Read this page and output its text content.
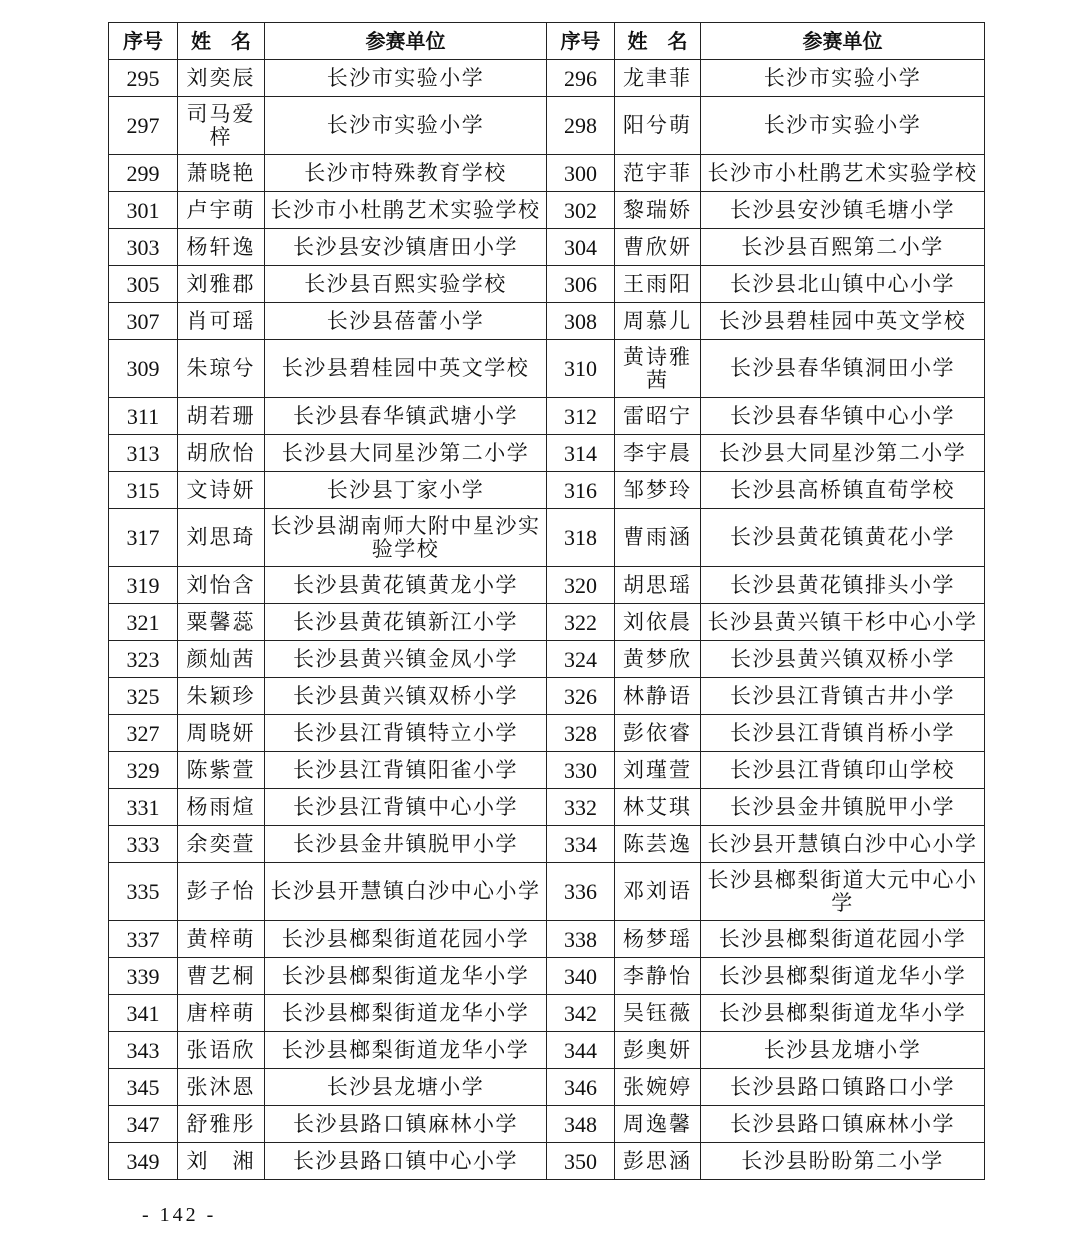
序号	姓　名	参赛单位	序号	姓　名	参赛单位
295	刘奕辰	长沙市实验小学	296	龙聿菲	长沙市实验小学
297	司马爱梓	长沙市实验小学	298	阳兮萌	长沙市实验小学
299	萧晓艳	长沙市特殊教育学校	300	范宇菲	长沙市小杜鹃艺术实验学校
301	卢宇萌	长沙市小杜鹃艺术实验学校	302	黎瑞娇	长沙县安沙镇毛塘小学
303	杨轩逸	长沙县安沙镇唐田小学	304	曹欣妍	长沙县百熙第二小学
305	刘雅郡	长沙县百熙实验学校	306	王雨阳	长沙县北山镇中心小学
307	肖可瑶	长沙县蓓蕾小学	308	周慕儿	长沙县碧桂园中英文学校
309	朱琼兮	长沙县碧桂园中英文学校	310	黄诗雅茜	长沙县春华镇洞田小学
311	胡若珊	长沙县春华镇武塘小学	312	雷昭宁	长沙县春华镇中心小学
313	胡欣怡	长沙县大同星沙第二小学	314	李宇晨	长沙县大同星沙第二小学
315	文诗妍	长沙县丁家小学	316	邹梦玲	长沙县高桥镇直荀学校
317	刘思琦	长沙县湖南师大附中星沙实验学校	318	曹雨涵	长沙县黄花镇黄花小学
319	刘怡含	长沙县黄花镇黄龙小学	320	胡思瑶	长沙县黄花镇排头小学
321	粟馨蕊	长沙县黄花镇新江小学	322	刘依晨	长沙县黄兴镇干杉中心小学
323	颜灿茜	长沙县黄兴镇金凤小学	324	黄梦欣	长沙县黄兴镇双桥小学
325	朱颖珍	长沙县黄兴镇双桥小学	326	林静语	长沙县江背镇古井小学
327	周晓妍	长沙县江背镇特立小学	328	彭依睿	长沙县江背镇肖桥小学
329	陈紫萱	长沙县江背镇阳雀小学	330	刘瑾萱	长沙县江背镇印山学校
331	杨雨煊	长沙县江背镇中心小学	332	林艾琪	长沙县金井镇脱甲小学
333	余奕萱	长沙县金井镇脱甲小学	334	陈芸逸	长沙县开慧镇白沙中心小学
335	彭子怡	长沙县开慧镇白沙中心小学	336	邓刘语	长沙县榔梨街道大元中心小学
337	黄梓萌	长沙县榔梨街道花园小学	338	杨梦瑶	长沙县榔梨街道花园小学
339	曹艺桐	长沙县榔梨街道龙华小学	340	李静怡	长沙县榔梨街道龙华小学
341	唐梓萌	长沙县榔梨街道龙华小学	342	吴钰薇	长沙县榔梨街道龙华小学
343	张语欣	长沙县榔梨街道龙华小学	344	彭奥妍	长沙县龙塘小学
345	张沐恩	长沙县龙塘小学	346	张婉婷	长沙县路口镇路口小学
347	舒雅彤	长沙县路口镇麻林小学	348	周逸馨	长沙县路口镇麻林小学
349	刘　湘	长沙县路口镇中心小学	350	彭思涵	长沙县盼盼第二小学
- 142 -
